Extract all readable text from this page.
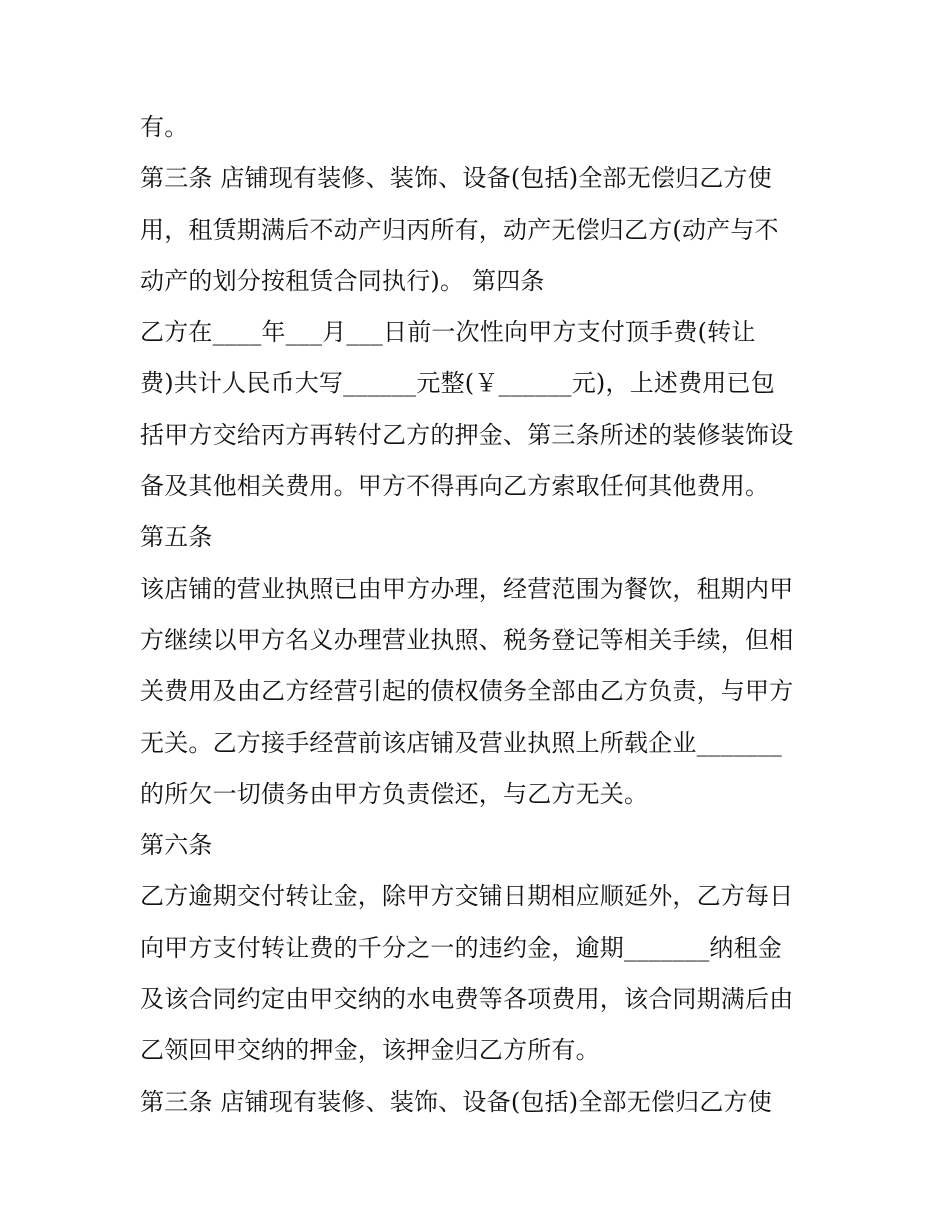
有。
第三条 店铺现有装修、装饰、设备(包括)全部无偿归乙方使
用，租赁期满后不动产归丙所有，动产无偿归乙方(动产与不
动产的划分按租赁合同执行)。 第四条
乙方在____年___月___日前一次性向甲方支付顶手费(转让
费)共计人民币大写______元整(￥______元)，上述费用已包
括甲方交给丙方再转付乙方的押金、第三条所述的装修装饰设
备及其他相关费用。甲方不得再向乙方索取任何其他费用。
第五条
该店铺的营业执照已由甲方办理，经营范围为餐饮，租期内甲
方继续以甲方名义办理营业执照、税务登记等相关手续，但相
关费用及由乙方经营引起的债权债务全部由乙方负责，与甲方
无关。乙方接手经营前该店铺及营业执照上所载企业_______
的所欠一切债务由甲方负责偿还，与乙方无关。
第六条
乙方逾期交付转让金，除甲方交铺日期相应顺延外，乙方每日
向甲方支付转让费的千分之一的违约金，逾期_______纳租金
及该合同约定由甲交纳的水电费等各项费用，该合同期满后由
乙领回甲交纳的押金，该押金归乙方所有。
第三条 店铺现有装修、装饰、设备(包括)全部无偿归乙方使
